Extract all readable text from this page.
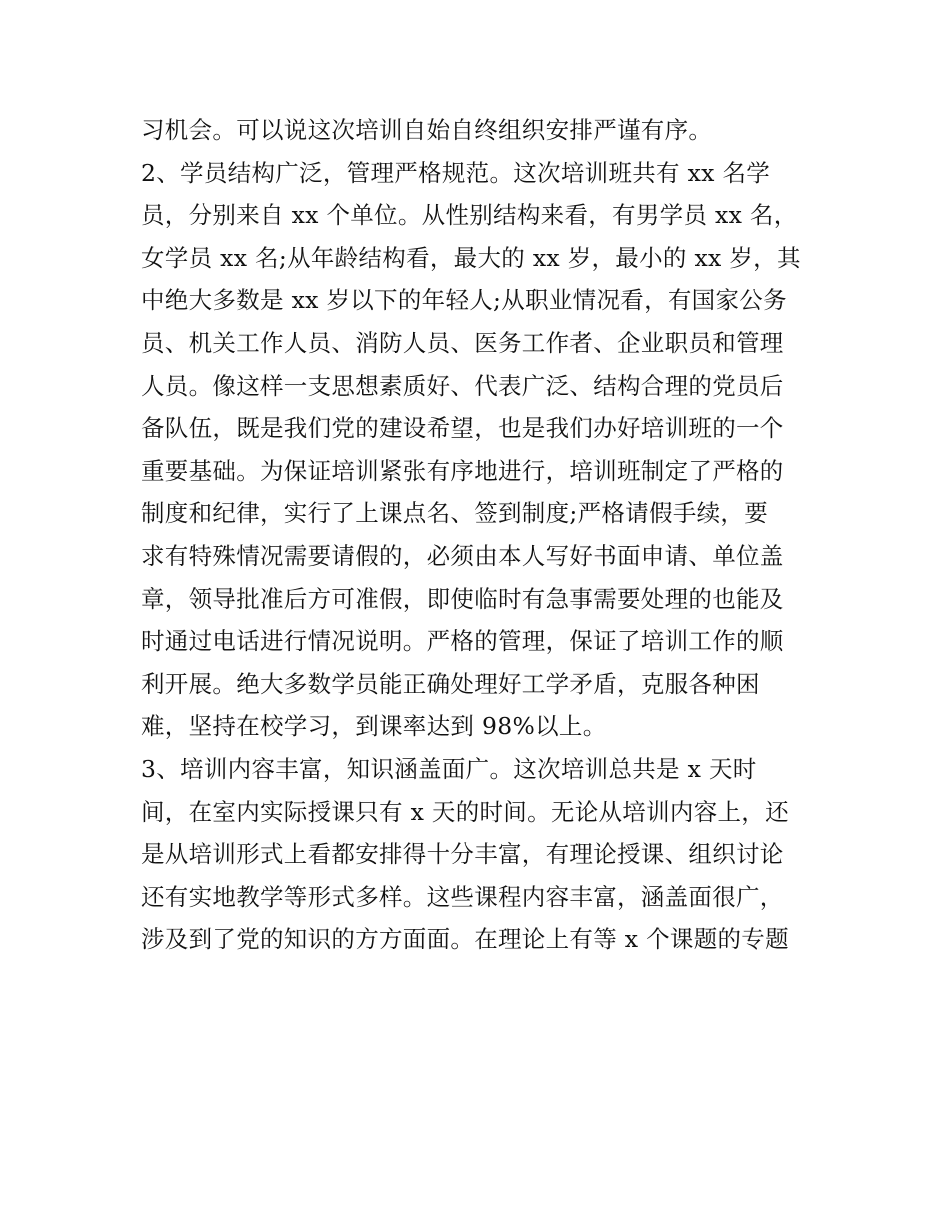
习机会。可以说这次培训自始自终组织安排严谨有序。
2、学员结构广泛，管理严格规范。这次培训班共有 xx 名学
员，分别来自 xx 个单位。从性别结构来看，有男学员 xx 名，
女学员 xx 名;从年龄结构看，最大的 xx 岁，最小的 xx 岁，其
中绝大多数是 xx 岁以下的年轻人;从职业情况看，有国家公务
员、机关工作人员、消防人员、医务工作者、企业职员和管理
人员。像这样一支思想素质好、代表广泛、结构合理的党员后
备队伍，既是我们党的建设希望，也是我们办好培训班的一个
重要基础。为保证培训紧张有序地进行，培训班制定了严格的
制度和纪律，实行了上课点名、签到制度;严格请假手续，要
求有特殊情况需要请假的，必须由本人写好书面申请、单位盖
章，领导批准后方可准假，即使临时有急事需要处理的也能及
时通过电话进行情况说明。严格的管理，保证了培训工作的顺
利开展。绝大多数学员能正确处理好工学矛盾，克服各种困
难，坚持在校学习，到课率达到 98%以上。
3、培训内容丰富，知识涵盖面广。这次培训总共是 x 天时
间，在室内实际授课只有 x 天的时间。无论从培训内容上，还
是从培训形式上看都安排得十分丰富，有理论授课、组织讨论
还有实地教学等形式多样。这些课程内容丰富，涵盖面很广，
涉及到了党的知识的方方面面。在理论上有等 x 个课题的专题
